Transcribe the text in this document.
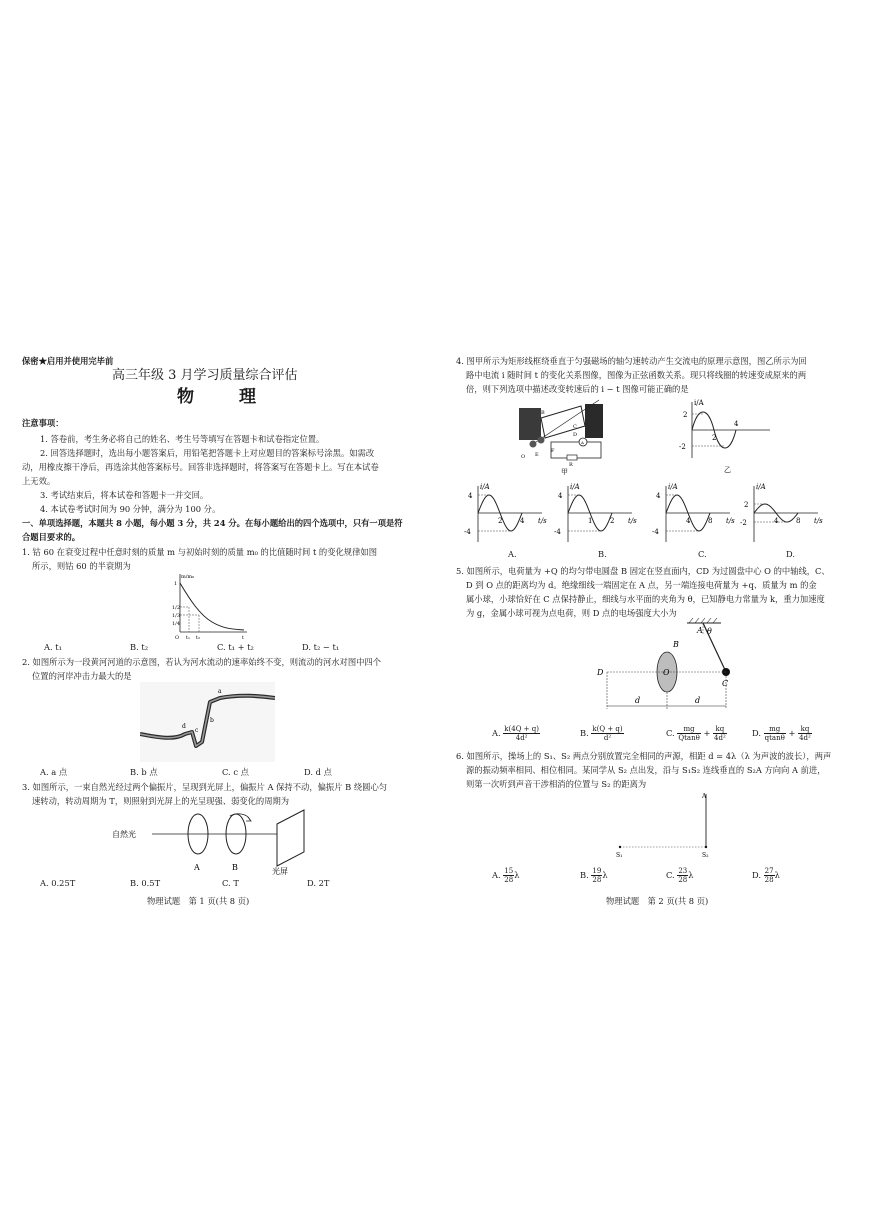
保密★启用并使用完毕前
高三年级 3 月学习质量综合评估
物　理
注意事项：
1. 答卷前，考生务必将自己的姓名、考生号等填写在答题卡和试卷指定位置。
2. 回答选择题时，选出每小题答案后，用铅笔把答题卡上对应题目的答案标号涂黑。如需改
动，用橡皮擦干净后，再选涂其他答案标号。回答非选择题时，将答案写在答题卡上。写在本试卷
上无效。
3. 考试结束后，将本试卷和答题卡一并交回。
4. 本试卷考试时间为 90 分钟，满分为 100 分。
一、单项选择题，本题共 8 小题，每小题 3 分，共 24 分。在每小题给出的四个选项中，只有一项是符
合题目要求的。
1. 钴 60 在衰变过程中任意时刻的质量 m 与初始时刻的质量 m₀ 的比值随时间 t 的变化规律如图
所示，则钴 60 的半衰期为
m/m₀
1
1/2
1/3
1/4
O t₁ t₂	t
A. t₁	B. t₂	C. t₁ + t₂	D. t₂ − t₁
2. 如图所示为一段黄河河道的示意图，若认为河水流动的速率始终不变，则流动的河水对图中四个
位置的河岸冲击力最大的是
a
b
c
d
A. a 点	B. b 点	C. c 点	D. d 点
3. 如图所示，一束自然光经过两个偏振片，呈现到光屏上，偏振片 A 保持不动，偏振片 B 绕圆心匀
速转动，转动周期为 T，则照射到光屏上的光呈现强、弱变化的周期为
自然光
A	B	光屏
A. 0.25T	B. 0.5T	C. T	D. 2T
物理试题　第 1 页(共 8 页)
4. 图甲所示为矩形线框绕垂直于匀强磁场的轴匀速转动产生交流电的原理示意图，图乙所示为回
路中电流 i 随时间 t 的变化关系图像，图像为正弦函数关系。现只将线圈的转速变成原来的两
倍，则下列选项中描述改变转速后的 i − t 图像可能正确的是
B
C
D
E
F
R
O
A
甲
i/A
2
-2
2
4
乙
i/A
4
-4
2	4 t/s
i/A
4
-4
1	2 t/s
i/A
4
-4
4	8 t/s
i/A
2
-2	4	8 t/s
A.	B.	C.	D.
5. 如图所示，电荷量为 +Q 的均匀带电圆盘 B 固定在竖直面内，CD 为过圆盘中心 O 的中轴线，C、
D 到 O 点的距离均为 d。绝缘细线一端固定在 A 点，另一端连接电荷量为 +q、质量为 m 的金
属小球，小球恰好在 C 点保持静止，细线与水平面的夹角为 θ，已知静电力常量为 k，重力加速度
为 g，金属小球可视为点电荷，则 D 点的电场强度大小为
A θ
B
O
C
D
d	d
A. $\frac{k(4Q + q)}{\text{4d²}}$	B. $\frac{k(Q + q)}{\text{d²}}$	C. $\frac{mg}{Qtan\theta} + \frac{kq}{\text{4d²}}$	D. $\frac{mg}{qtan\theta} + \frac{kq}{\text{4d²}}$
6. 如图所示，操场上的 S₁、S₂ 两点分别放置完全相同的声源，相距 d = 4λ（λ 为声波的波长），两声
源的振动频率相同、相位相同。某同学从 S₂ 点出发，沿与 S₁S₂ 连线垂直的 S₂A 方向向 A 前进，
则第一次听到声音干涉相消的位置与 S₂ 的距离为
A
S₁	S₂
A. $\frac{15}{28}$ λ	B. $\frac{19}{28}$ λ	C. $\frac{23}{28}$ λ	D. $\frac{27}{28}$ λ
物理试题　第 2 页(共 8 页)
